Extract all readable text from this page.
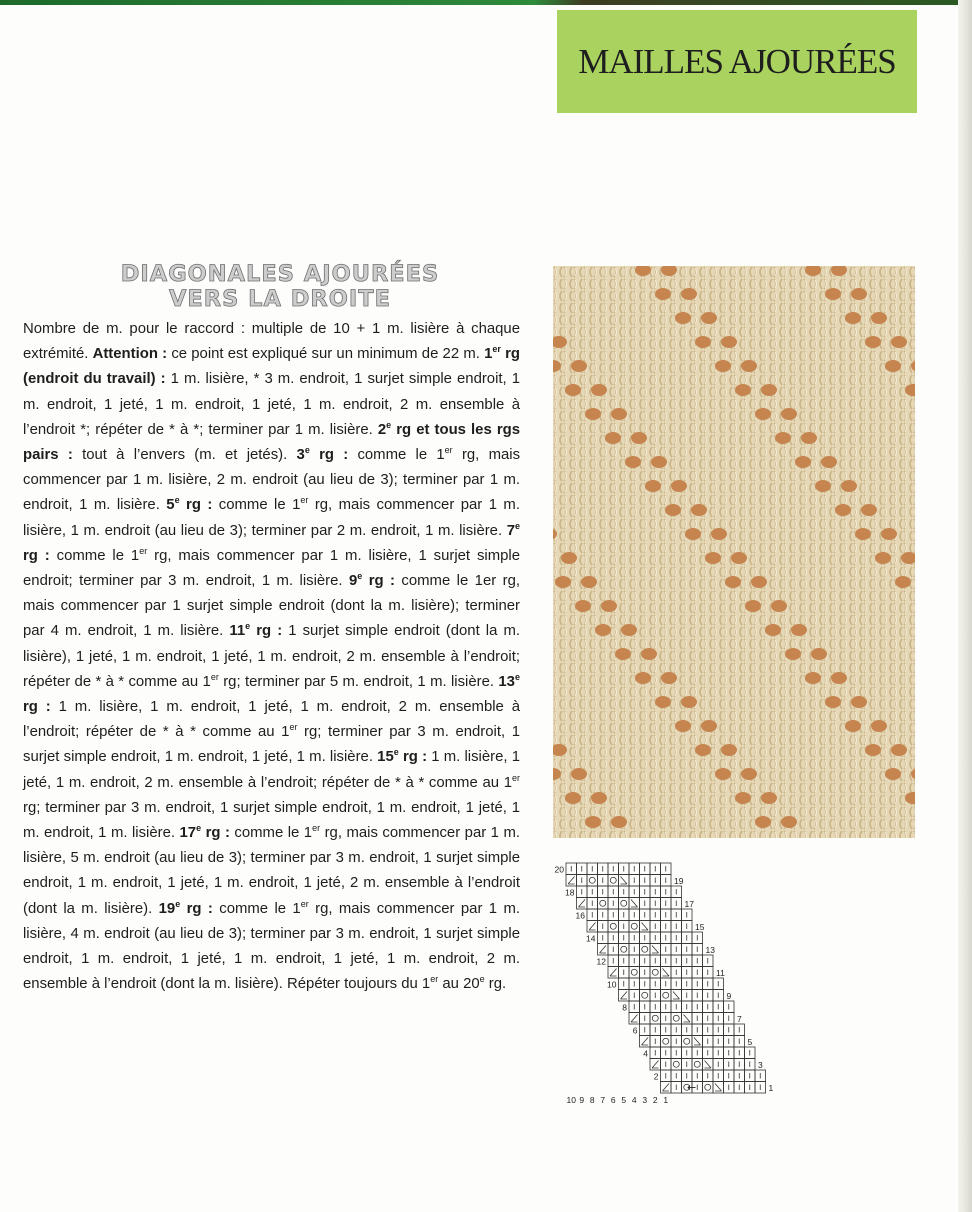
MAILLES AJOURÉES
DIAGONALES AJOURÉES
VERS LA DROITE
Nombre de m. pour le raccord : multiple de 10 + 1 m. lisière à chaque extrémité. Attention : ce point est expliqué sur un minimum de 22 m. 1er rg (endroit du travail) : 1 m. lisière, * 3 m. endroit, 1 surjet simple endroit, 1 m. endroit, 1 jeté, 1 m. endroit, 1 jeté, 1 m. endroit, 2 m. ensemble à l’endroit *; répéter de * à *; terminer par 1 m. lisière. 2e rg et tous les rgs pairs : tout à l’envers (m. et jetés). 3e rg : comme le 1er rg, mais commencer par 1 m. lisière, 2 m. endroit (au lieu de 3); terminer par 1 m. endroit, 1 m. lisière. 5e rg : comme le 1er rg, mais commencer par 1 m. lisière, 1 m. endroit (au lieu de 3); terminer par 2 m. endroit, 1 m. lisière. 7e rg : comme le 1er rg, mais commencer par 1 m. lisière, 1 surjet simple endroit; terminer par 3 m. endroit, 1 m. lisière. 9e rg : comme le 1er rg, mais commencer par 1 surjet simple endroit (dont la m. lisière); terminer par 4 m. endroit, 1 m. lisière. 11e rg : 1 surjet simple endroit (dont la m. lisière), 1 jeté, 1 m. endroit, 1 jeté, 1 m. endroit, 2 m. ensemble à l’endroit; répéter de * à * comme au 1er rg; terminer par 5 m. endroit, 1 m. lisière. 13e rg : 1 m. lisière, 1 m. endroit, 1 jeté, 1 m. endroit, 2 m. ensemble à l’endroit; répéter de * à * comme au 1er rg; terminer par 3 m. endroit, 1 surjet simple endroit, 1 m. endroit, 1 jeté, 1 m. lisière. 15e rg : 1 m. lisière, 1 jeté, 1 m. endroit, 2 m. ensemble à l’endroit; répéter de * à * comme au 1er rg; terminer par 3 m. endroit, 1 surjet simple endroit, 1 m. endroit, 1 jeté, 1 m. endroit, 1 m. lisière. 17e rg : comme le 1er rg, mais commencer par 1 m. lisière, 5 m. endroit (au lieu de 3); terminer par 3 m. endroit, 1 surjet simple endroit, 1 m. endroit, 1 jeté, 1 m. endroit, 1 jeté, 2 m. ensemble à l’endroit (dont la m. lisière). 19e rg : comme le 1er rg, mais commencer par 1 m. lisière, 4 m. endroit (au lieu de 3); terminer par 3 m. endroit, 1 surjet simple endroit, 1 m. endroit, 1 jeté, 1 m. endroit, 1 jeté, 1 m. endroit, 2 m. ensemble à l’endroit (dont la m. lisière). Répéter toujours du 1er au 20e rg.
1
2
3
4
5
6
7
8
9
10
11
12
13
14
15
16
17
18
19
20
←
10 9 8 7 6 5 4 3 2 1
